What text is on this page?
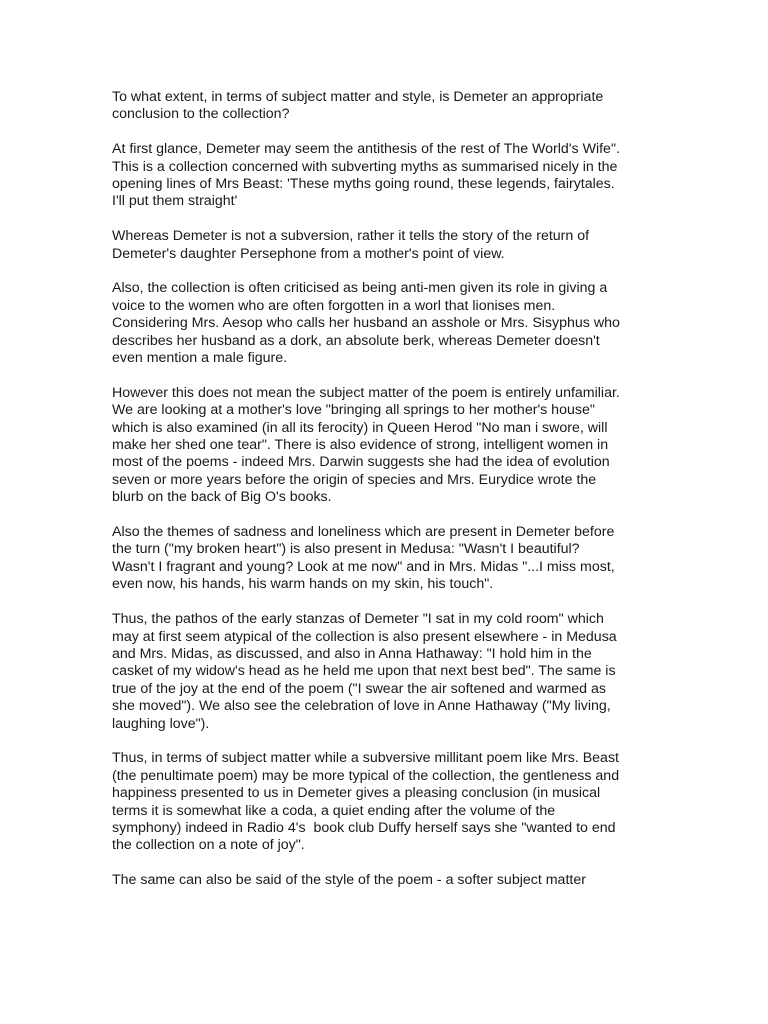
To what extent, in terms of subject matter and style, is Demeter an appropriate
conclusion to the collection?

At first glance, Demeter may seem the antithesis of the rest of The World's Wife".
This is a collection concerned with subverting myths as summarised nicely in the
opening lines of Mrs Beast: 'These myths going round, these legends, fairytales.
I'll put them straight'

Whereas Demeter is not a subversion, rather it tells the story of the return of
Demeter's daughter Persephone from a mother's point of view.

Also, the collection is often criticised as being anti-men given its role in giving a
voice to the women who are often forgotten in a worl that lionises men.
Considering Mrs. Aesop who calls her husband an asshole or Mrs. Sisyphus who
describes her husband as a dork, an absolute berk, whereas Demeter doesn't
even mention a male figure.

However this does not mean the subject matter of the poem is entirely unfamiliar.
We are looking at a mother's love "bringing all springs to her mother's house"
which is also examined (in all its ferocity) in Queen Herod "No man i swore, will
make her shed one tear". There is also evidence of strong, intelligent women in
most of the poems - indeed Mrs. Darwin suggests she had the idea of evolution
seven or more years before the origin of species and Mrs. Eurydice wrote the
blurb on the back of Big O's books.

Also the themes of sadness and loneliness which are present in Demeter before
the turn ("my broken heart") is also present in Medusa: "Wasn't I beautiful?
Wasn't I fragrant and young? Look at me now" and in Mrs. Midas "...I miss most,
even now, his hands, his warm hands on my skin, his touch".

Thus, the pathos of the early stanzas of Demeter "I sat in my cold room" which
may at first seem atypical of the collection is also present elsewhere - in Medusa
and Mrs. Midas, as discussed, and also in Anna Hathaway: "I hold him in the
casket of my widow's head as he held me upon that next best bed". The same is
true of the joy at the end of the poem ("I swear the air softened and warmed as
she moved"). We also see the celebration of love in Anne Hathaway ("My living,
laughing love").

Thus, in terms of subject matter while a subversive millitant poem like Mrs. Beast
(the penultimate poem) may be more typical of the collection, the gentleness and
happiness presented to us in Demeter gives a pleasing conclusion (in musical
terms it is somewhat like a coda, a quiet ending after the volume of the
symphony) indeed in Radio 4's  book club Duffy herself says she "wanted to end
the collection on a note of joy".

The same can also be said of the style of the poem - a softer subject matter
